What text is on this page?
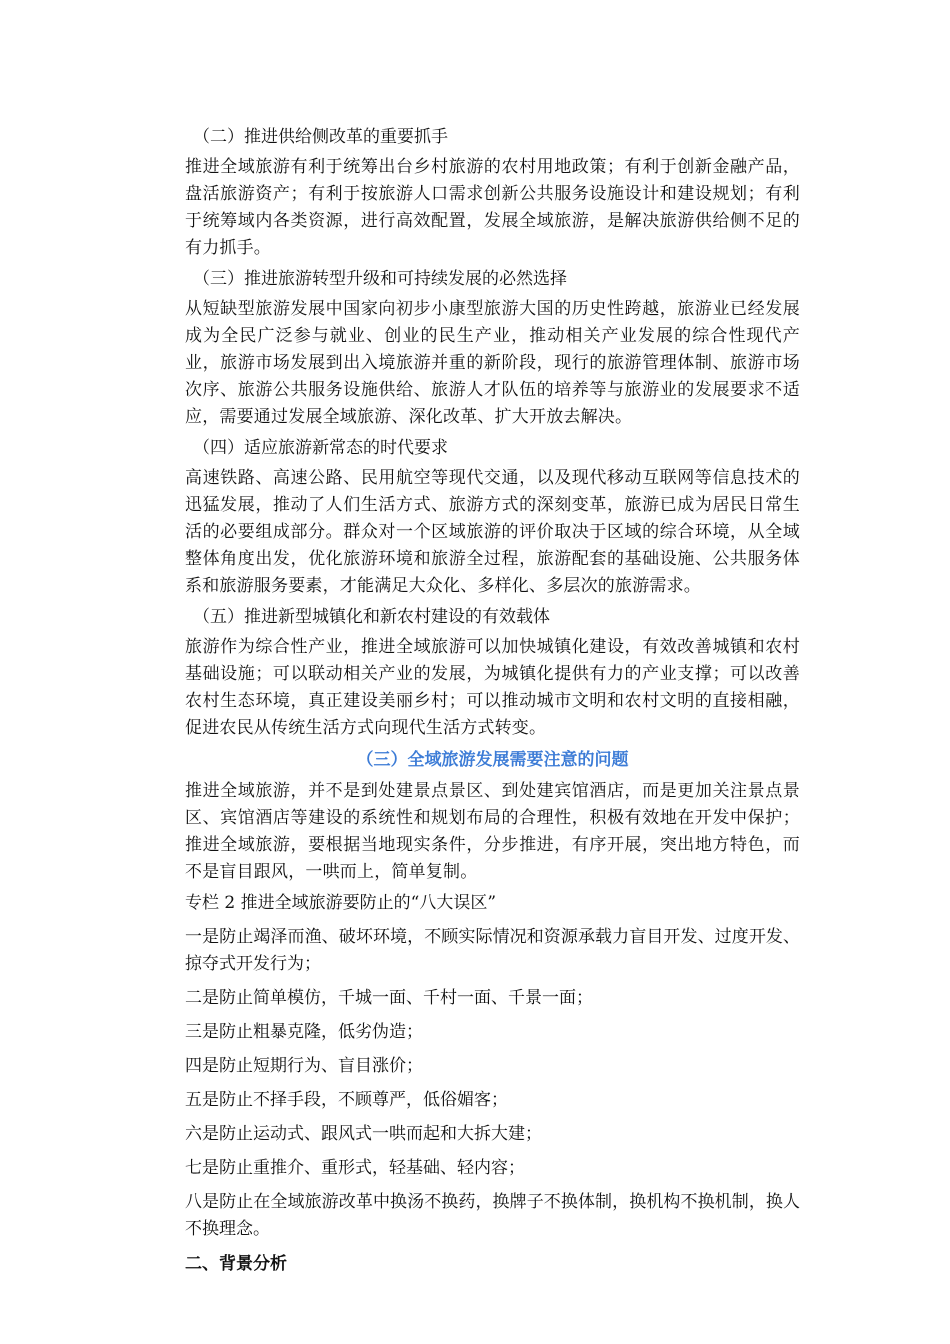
（二）推进供给侧改革的重要抓手
推进全域旅游有利于统筹出台乡村旅游的农村用地政策；有利于创新金融产品，盘活旅游资产；有利于按旅游人口需求创新公共服务设施设计和建设规划；有利于统筹域内各类资源，进行高效配置，发展全域旅游，是解决旅游供给侧不足的有力抓手。
（三）推进旅游转型升级和可持续发展的必然选择
从短缺型旅游发展中国家向初步小康型旅游大国的历史性跨越，旅游业已经发展成为全民广泛参与就业、创业的民生产业，推动相关产业发展的综合性现代产业，旅游市场发展到出入境旅游并重的新阶段，现行的旅游管理体制、旅游市场次序、旅游公共服务设施供给、旅游人才队伍的培养等与旅游业的发展要求不适应，需要通过发展全域旅游、深化改革、扩大开放去解决。
（四）适应旅游新常态的时代要求
高速铁路、高速公路、民用航空等现代交通，以及现代移动互联网等信息技术的迅猛发展，推动了人们生活方式、旅游方式的深刻变革，旅游已成为居民日常生活的必要组成部分。群众对一个区域旅游的评价取决于区域的综合环境，从全域整体角度出发，优化旅游环境和旅游全过程，旅游配套的基础设施、公共服务体系和旅游服务要素，才能满足大众化、多样化、多层次的旅游需求。
（五）推进新型城镇化和新农村建设的有效载体
旅游作为综合性产业，推进全域旅游可以加快城镇化建设，有效改善城镇和农村基础设施；可以联动相关产业的发展，为城镇化提供有力的产业支撑；可以改善农村生态环境，真正建设美丽乡村；可以推动城市文明和农村文明的直接相融，促进农民从传统生活方式向现代生活方式转变。
（三）全域旅游发展需要注意的问题
推进全域旅游，并不是到处建景点景区、到处建宾馆酒店，而是更加关注景点景区、宾馆酒店等建设的系统性和规划布局的合理性，积极有效地在开发中保护；推进全域旅游，要根据当地现实条件，分步推进，有序开展，突出地方特色，而不是盲目跟风，一哄而上，简单复制。
专栏 2 推进全域旅游要防止的“八大误区”
一是防止竭泽而渔、破坏环境，不顾实际情况和资源承载力盲目开发、过度开发、掠夺式开发行为；
二是防止简单模仿，千城一面、千村一面、千景一面；
三是防止粗暴克隆，低劣伪造；
四是防止短期行为、盲目涨价；
五是防止不择手段，不顾尊严，低俗媚客；
六是防止运动式、跟风式一哄而起和大拆大建；
七是防止重推介、重形式，轻基础、轻内容；
八是防止在全域旅游改革中换汤不换药，换牌子不换体制，换机构不换机制，换人不换理念。
二、背景分析
